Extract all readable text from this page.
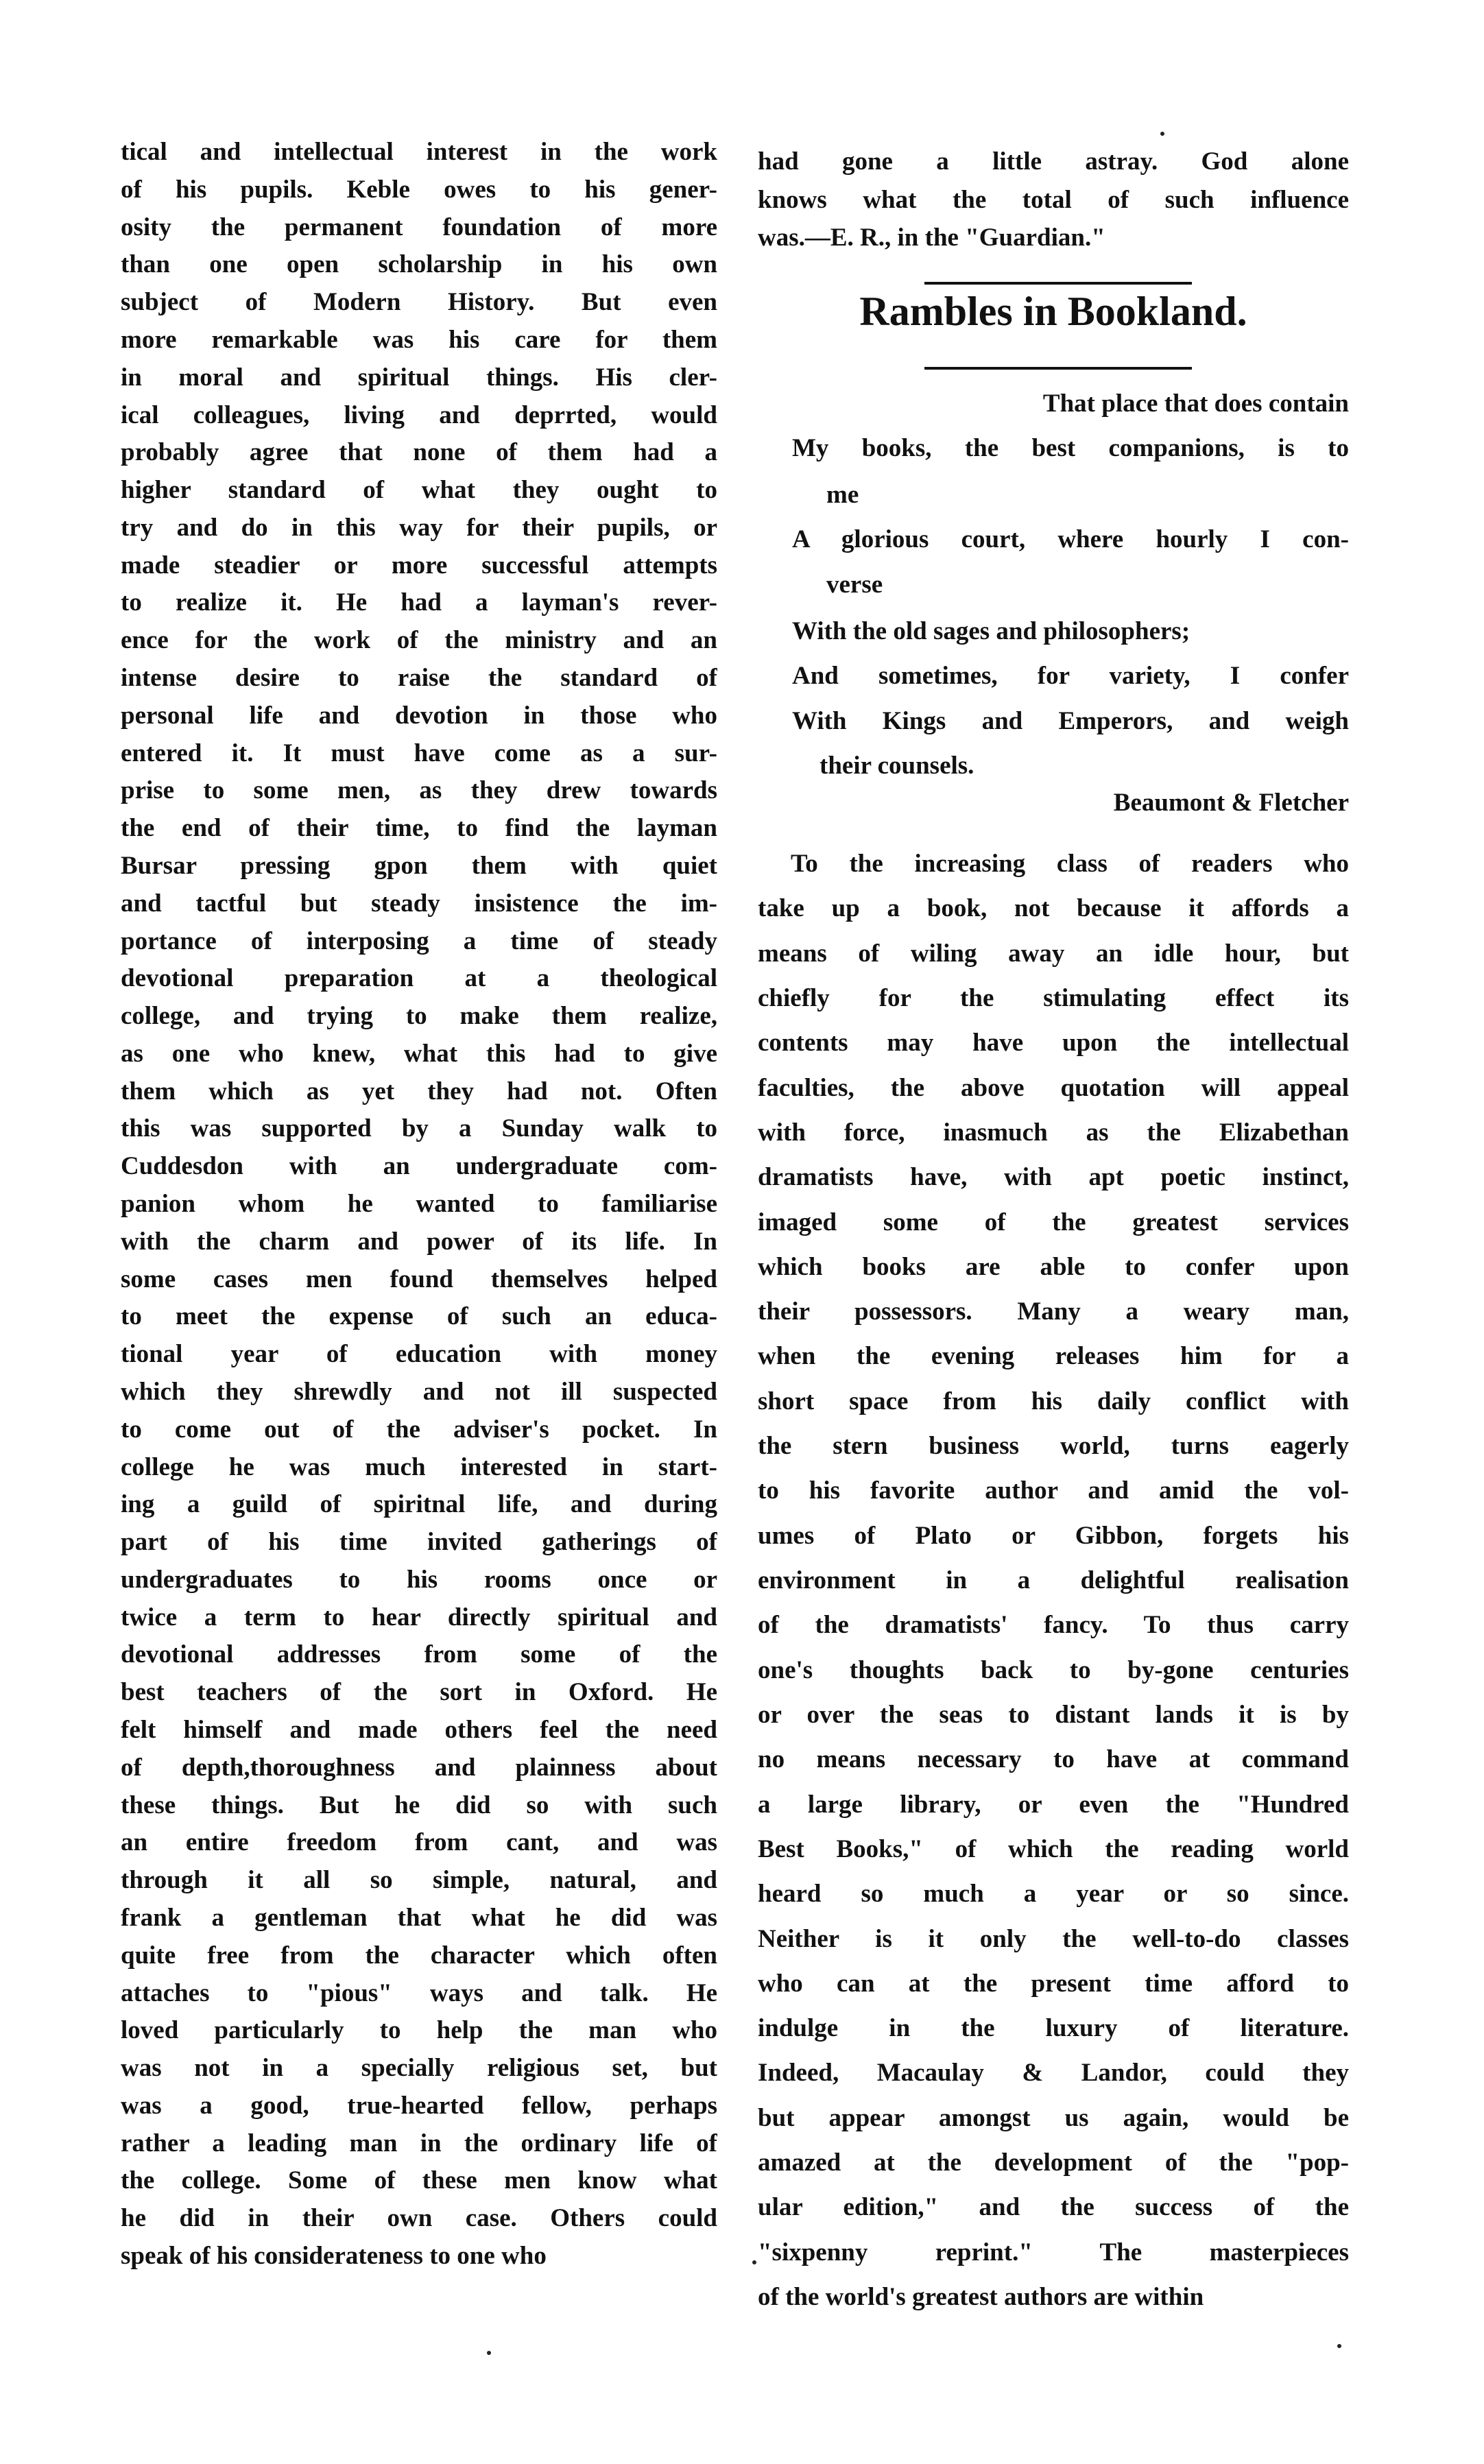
tical and intellectual interest in the work
of his pupils. Keble owes to his gener-
osity the permanent foundation of more
than one open scholarship in his own
subject of Modern History. But even
more remarkable was his care for them
in moral and spiritual things. His cler-
ical colleagues, living and deprrted, would
probably agree that none of them had a
higher standard of what they ought to
try and do in this way for their pupils, or
made steadier or more successful attempts
to realize it. He had a layman's rever-
ence for the work of the ministry and an
intense desire to raise the standard of
personal life and devotion in those who
entered it. It must have come as a sur-
prise to some men, as they drew towards
the end of their time, to find the layman
Bursar pressing gpon them with quiet
and tactful but steady insistence the im-
portance of interposing a time of steady
devotional preparation at a theological
college, and trying to make them realize,
as one who knew, what this had to give
them which as yet they had not. Often
this was supported by a Sunday walk to
Cuddesdon with an undergraduate com-
panion whom he wanted to familiarise
with the charm and power of its life. In
some cases men found themselves helped
to meet the expense of such an educa-
tional year of education with money
which they shrewdly and not ill suspected
to come out of the adviser's pocket. In
college he was much interested in start-
ing a guild of spiritnal life, and during
part of his time invited gatherings of
undergraduates to his rooms once or
twice a term to hear directly spiritual and
devotional addresses from some of the
best teachers of the sort in Oxford. He
felt himself and made others feel the need
of depth,thoroughness and plainness about
these things. But he did so with such
an entire freedom from cant, and was
through it all so simple, natural, and
frank a gentleman that what he did was
quite free from the character which often
attaches to "pious" ways and talk. He
loved particularly to help the man who
was not in a specially religious set, but
was a good, true-hearted fellow, perhaps
rather a leading man in the ordinary life of
the college. Some of these men know what
he did in their own case. Others could
speak of his considerateness to one who
Rambles in Bookland.
had gone a little astray. God alone
knows what the total of such influence
was.—E. R., in the "Guardian."
That place that does contain
My books, the best companions, is to
me
A glorious court, where hourly I con-
verse
With the old sages and philosophers;
And sometimes, for variety, I confer
With Kings and Emperors, and weigh
their counsels.
Beaumont & Fletcher
To the increasing class of readers who
take up a book, not because it affords a
means of wiling away an idle hour, but
chiefly for the stimulating effect its
contents may have upon the intellectual
faculties, the above quotation will appeal
with force, inasmuch as the Elizabethan
dramatists have, with apt poetic instinct,
imaged some of the greatest services
which books are able to confer upon
their possessors. Many a weary man,
when the evening releases him for a
short space from his daily conflict with
the stern business world, turns eagerly
to his favorite author and amid the vol-
umes of Plato or Gibbon, forgets his
environment in a delightful realisation
of the dramatists' fancy. To thus carry
one's thoughts back to by-gone centuries
or over the seas to distant lands it is by
no means necessary to have at command
a large library, or even the "Hundred
Best Books," of which the reading world
heard so much a year or so since.
Neither is it only the well-to-do classes
who can at the present time afford to
indulge in the luxury of literature.
Indeed, Macaulay & Landor, could they
but appear amongst us again, would be
amazed at the development of the "pop-
ular edition," and the success of the
"sixpenny reprint." The masterpieces
of the world's greatest authors are within
